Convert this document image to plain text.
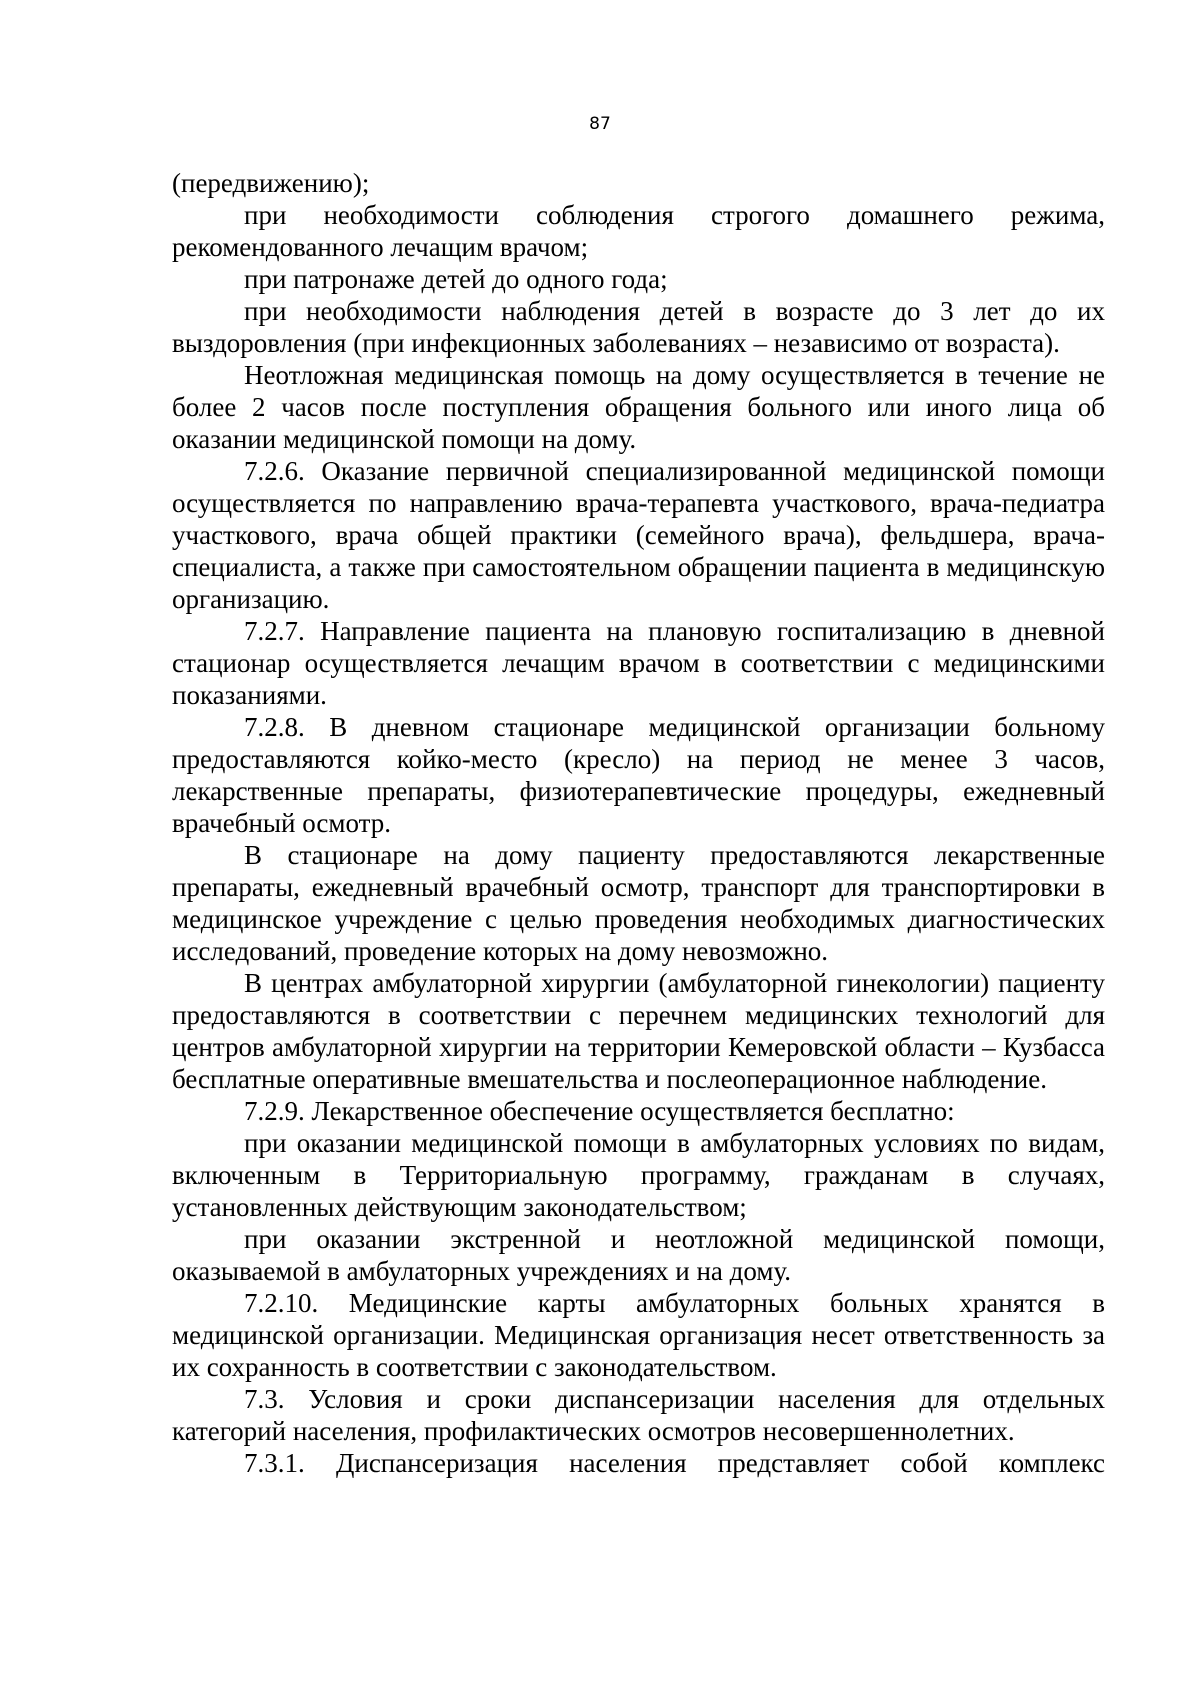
87

(передвижению);

при необходимости соблюдения строгого домашнего режима, рекомендованного лечащим врачом;

при патронаже детей до одного года;

при необходимости наблюдения детей в возрасте до 3 лет до их выздоровления (при инфекционных заболеваниях – независимо от возраста).

Неотложная медицинская помощь на дому осуществляется в течение не более 2 часов после поступления обращения больного или иного лица об оказании медицинской помощи на дому.

7.2.6. Оказание первичной специализированной медицинской помощи осуществляется по направлению врача-терапевта участкового, врача-педиатра участкового, врача общей практики (семейного врача), фельдшера, врача-специалиста, а также при самостоятельном обращении пациента в медицинскую организацию.

7.2.7. Направление пациента на плановую госпитализацию в дневной стационар осуществляется лечащим врачом в соответствии с медицинскими показаниями.

7.2.8. В дневном стационаре медицинской организации больному предоставляются койко-место (кресло) на период не менее 3 часов, лекарственные препараты, физиотерапевтические процедуры, ежедневный врачебный осмотр.

В стационаре на дому пациенту предоставляются лекарственные препараты, ежедневный врачебный осмотр, транспорт для транспортировки в медицинское учреждение с целью проведения необходимых диагностических исследований, проведение которых на дому невозможно.

В центрах амбулаторной хирургии (амбулаторной гинекологии) пациенту предоставляются в соответствии с перечнем медицинских технологий для центров амбулаторной хирургии на территории Кемеровской области – Кузбасса бесплатные оперативные вмешательства и послеоперационное наблюдение.

7.2.9. Лекарственное обеспечение осуществляется бесплатно:

при оказании медицинской помощи в амбулаторных условиях по видам, включенным в Территориальную программу, гражданам в случаях, установленных действующим законодательством;

при оказании экстренной и неотложной медицинской помощи, оказываемой в амбулаторных учреждениях и на дому.

7.2.10. Медицинские карты амбулаторных больных хранятся в медицинской организации. Медицинская организация несет ответственность за их сохранность в соответствии с законодательством.

7.3. Условия и сроки диспансеризации населения для отдельных категорий населения, профилактических осмотров несовершеннолетних.

7.3.1. Диспансеризация населения представляет собой комплекс
